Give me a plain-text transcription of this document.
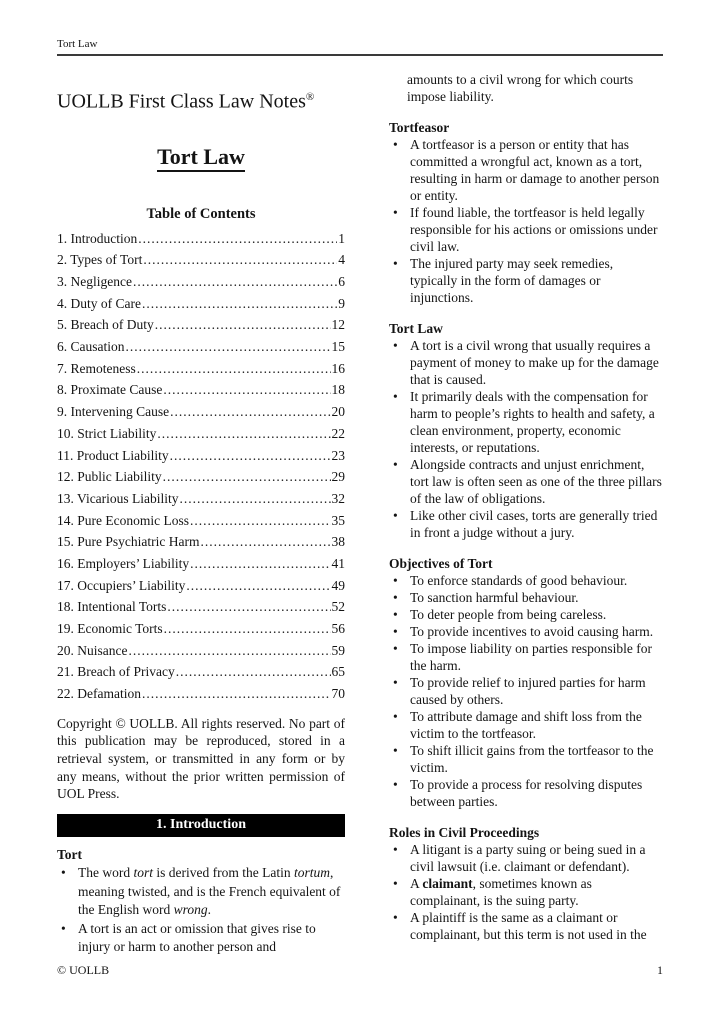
Tort Law
UOLLB First Class Law Notes®
Tort Law
Table of Contents
1. Introduction .....	1
2. Types of Tort .....	4
3. Negligence .....	6
4. Duty of Care .....	9
5. Breach of Duty .....	12
6. Causation .....	15
7. Remoteness .....	16
8. Proximate Cause .....	18
9. Intervening Cause .....	20
10. Strict Liability .....	22
11. Product Liability .....	23
12. Public Liability .....	29
13. Vicarious Liability .....	32
14. Pure Economic Loss .....	35
15. Pure Psychiatric Harm .....	38
16. Employers’ Liability .....	41
17. Occupiers’ Liability .....	49
18. Intentional Torts .....	52
19. Economic Torts .....	56
20. Nuisance .....	59
21. Breach of Privacy .....	65
22. Defamation .....	70

Copyright © UOLLB. All rights reserved. No part of this publication may be reproduced, stored in a retrieval system, or transmitted in any form or by any means, without the prior written permission of UOL Press.

1. Introduction
Tort
• The word tort is derived from the Latin tortum, meaning twisted, and is the French equivalent of the English word wrong.
• A tort is an act or omission that gives rise to injury or harm to another person and

amounts to a civil wrong for which courts impose liability.

Tortfeasor
• A tortfeasor is a person or entity that has committed a wrongful act, known as a tort, resulting in harm or damage to another person or entity.
• If found liable, the tortfeasor is held legally responsible for his actions or omissions under civil law.
• The injured party may seek remedies, typically in the form of damages or injunctions.
Tort Law
• A tort is a civil wrong that usually requires a payment of money to make up for the damage that is caused.
• It primarily deals with the compensation for harm to people’s rights to health and safety, a clean environment, property, economic interests, or reputations.
• Alongside contracts and unjust enrichment, tort law is often seen as one of the three pillars of the law of obligations.
• Like other civil cases, torts are generally tried in front a judge without a jury.
Objectives of Tort
• To enforce standards of good behaviour.
• To sanction harmful behaviour.
• To deter people from being careless.
• To provide incentives to avoid causing harm.
• To impose liability on parties responsible for the harm.
• To provide relief to injured parties for harm caused by others.
• To attribute damage and shift loss from the victim to the tortfeasor.
• To shift illicit gains from the tortfeasor to the victim.
• To provide a process for resolving disputes between parties.
Roles in Civil Proceedings
• A litigant is a party suing or being sued in a civil lawsuit (i.e. claimant or defendant).
• A claimant, sometimes known as complainant, is the suing party.
• A plaintiff is the same as a claimant or complainant, but this term is not used in the
© UOLLB	1
